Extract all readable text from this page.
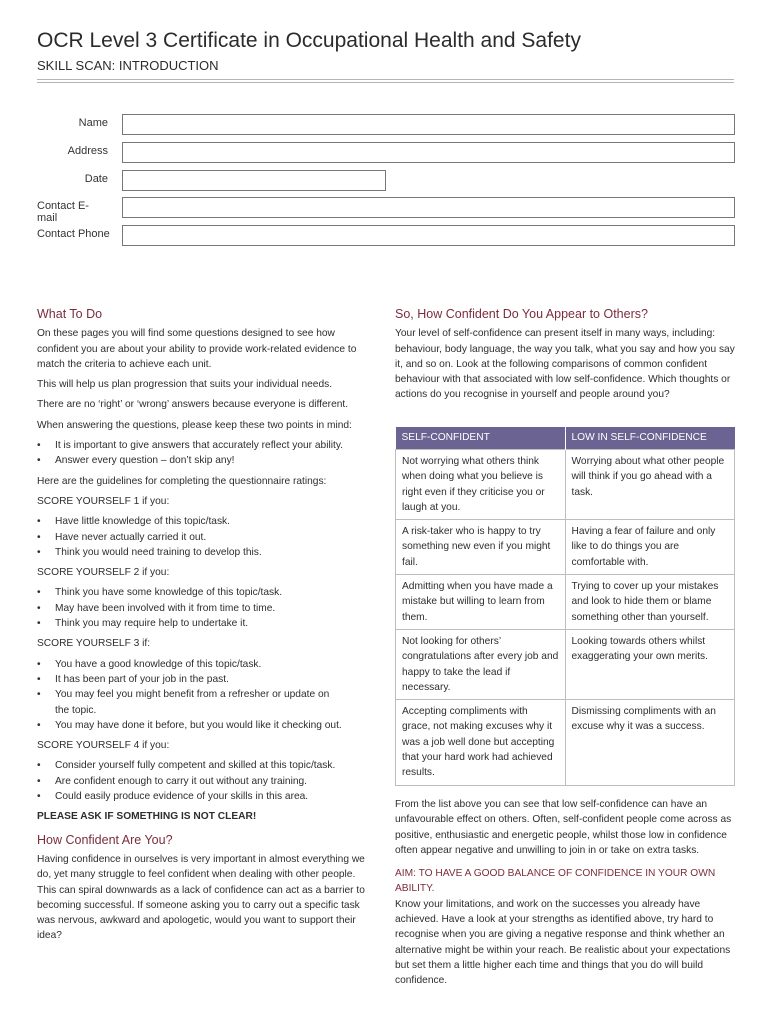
OCR Level 3 Certificate in Occupational Health and Safety
SKILL SCAN: INTRODUCTION
Name
Address
Date
Contact E-mail
Contact Phone
What To Do

On these pages you will find some questions designed to see how confident you are about your ability to provide work-related evidence to match the criteria to achieve each unit.

This will help us plan progression that suits your individual needs.

There are no ‘right’ or ‘wrong’ answers because everyone is different.

When answering the questions, please keep these two points in mind:

• It is important to give answers that accurately reflect your ability.
• Answer every question – don’t skip any!

Here are the guidelines for completing the questionnaire ratings:

SCORE YOURSELF 1 if you:

• Have little knowledge of this topic/task.
• Have never actually carried it out.
• Think you would need training to develop this.

SCORE YOURSELF 2 if you:

• Think you have some knowledge of this topic/task.
• May have been involved with it from time to time.
• Think you may require help to undertake it.

SCORE YOURSELF 3 if:

• You have a good knowledge of this topic/task.
• It has been part of your job in the past.
• You may feel you might benefit from a refresher or update on the topic.
• You may have done it before, but you would like it checking out.

SCORE YOURSELF 4 if you:

• Consider yourself fully competent and skilled at this topic/task.
• Are confident enough to carry it out without any training.
• Could easily produce evidence of your skills in this area.

PLEASE ASK IF SOMETHING IS NOT CLEAR!

How Confident Are You?

Having confidence in ourselves is very important in almost everything we do, yet many struggle to feel confident when dealing with other people. This can spiral downwards as a lack of confidence can act as a barrier to becoming successful. If someone asking you to carry out a specific task was nervous, awkward and apologetic, would you want to support their idea?

So, How Confident Do You Appear to Others?

Your level of self-confidence can present itself in many ways, including: behaviour, body language, the way you talk, what you say and how you say it, and so on. Look at the following comparisons of common confident behaviour with that associated with low self-confidence. Which thoughts or actions do you recognise in yourself and people around you?

SELF-CONFIDENT	LOW IN SELF-CONFIDENCE
Not worrying what others think when doing what you believe is right even if they criticise you or laugh at you.	Worrying about what other people will think if you go ahead with a task.
A risk-taker who is happy to try something new even if you might fail.	Having a fear of failure and only like to do things you are comfortable with.
Admitting when you have made a mistake but willing to learn from them.	Trying to cover up your mistakes and look to hide them or blame something other than yourself.
Not looking for others’ congratulations after every job and happy to take the lead if necessary.	Looking towards others whilst exaggerating your own merits.
Accepting compliments with grace, not making excuses why it was a job well done but accepting that your hard work had achieved results.	Dismissing compliments with an excuse why it was a success.

From the list above you can see that low self-confidence can have an unfavourable effect on others. Often, self-confident people come across as positive, enthusiastic and energetic people, whilst those low in confidence often appear negative and unwilling to join in or take on extra tasks.

AIM: TO HAVE A GOOD BALANCE OF CONFIDENCE IN YOUR OWN ABILITY.

Know your limitations, and work on the successes you already have achieved. Have a look at your strengths as identified above, try hard to recognise when you are giving a negative response and think whether an alternative might be within your reach. Be realistic about your expectations but set them a little higher each time and things that you do will build confidence.
